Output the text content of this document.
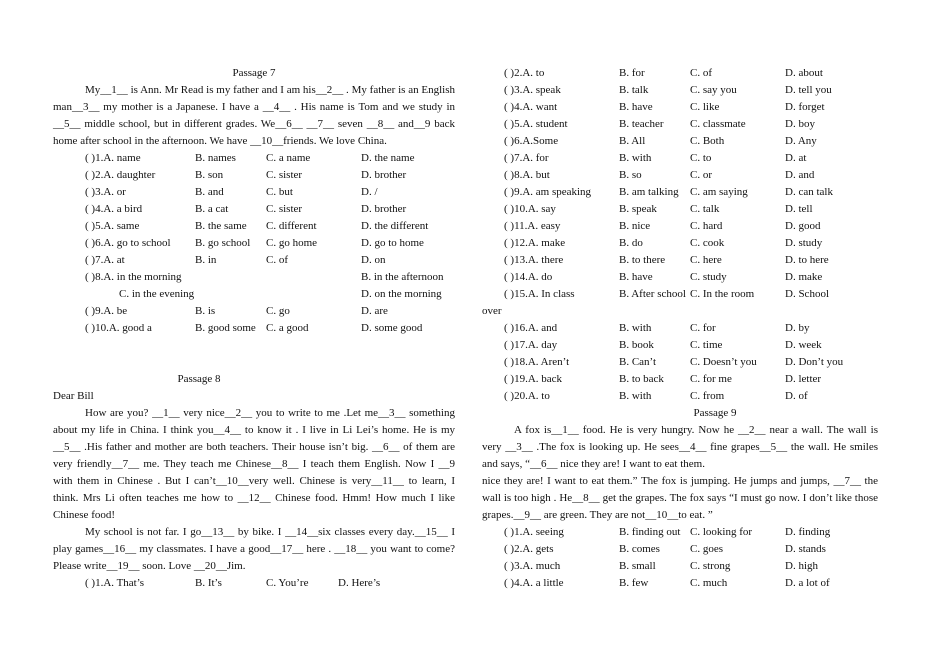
Passage 7
My__1__ is Ann. Mr Read is my father and I am his__2__ . My father is an English man__3__ my mother is a Japanese. I have a __4__ . His name is Tom and we study in __5__ middle school, but in different grades. We__6__ __7__ seven __8__ and__9 back home after school in the afternoon. We have __10__friends. We love China.
( )1.A. name	B. names	C. a name	D. the name
( )2.A. daughter	B. son	C. sister	D. brother
( )3.A. or	B. and	C. but	D. /
( )4.A. a bird	B. a cat	C. sister	D. brother
( )5.A. same	B. the same	C. different	D. the different
( )6.A. go to school	B. go school	C. go home	D. go to home
( )7.A. at	B. in	C. of	D. on
( )8.A. in the morning	B. in the afternoon
C. in the evening	D. on the morning
( )9.A. be	B. is	C. go	D. are
( )10.A. good a	B. good some C. a good	D. some good
Passage 8
Dear Bill
How are you? __1__ very nice__2__ you to write to me .Let me__3__ something about my life in China. I think you__4__ to know it . I live in Li Lei’s home. He is my __5__ .His father and mother are both teachers. Their house isn’t big. __6__ of them are very friendly__7__ me. They teach me Chinese__8__ I teach them English. Now I __9 with them in Chinese . But I can’t__10__very well. Chinese is very__11__ to learn, I think. Mrs Li often teaches me how to __12__ Chinese food. Hmm! How much I like Chinese food!
My school is not far. I go__13__ by bike. I __14__six classes every day.__15__ I play games__16__ my classmates. I have a good__17__ here . __18__ you want to come? Please write__19__ soon. Love __20__Jim.
( )1.A. That’s	B. It’s	C. You’re	D. Here’s
( )2.A. to	B. for	C. of	D. about
( )3.A. speak	B. talk	C. say you	D. tell you
( )4.A. want	B. have	C. like	D. forget
( )5.A. student	B. teacher	C. classmate	D. boy
( )6.A.Some	B. All	C. Both	D. Any
( )7.A. for	B. with	C. to	D. at
( )8.A. but	B. so	C. or	D. and
( )9.A. am speaking	B. am talking	C. am saying	D. can talk
( )10.A. say	B. speak	C. talk	D. tell
( )11.A. easy	B. nice	C. hard	D. good
( )12.A. make	B. do	C. cook	D. study
( )13.A. there	B. to there	C. here	D. to here
( )14.A. do	B. have	C. study	D. make
( )15.A. In class	B. After school C. In the room	D. School
over
( )16.A. and	B. with	C. for	D. by
( )17.A. day	B. book	C. time	D. week
( )18.A. Aren’t	B. Can’t	C. Doesn’t you	D. Don’t you
( )19.A. back	B. to back	C. for me	D. letter
( )20.A. to	B. with	C. from	D. of
Passage 9
A fox is__1__ food. He is very hungry. Now he __2__ near a wall. The wall is very __3__ .The fox is looking up. He sees__4__ fine grapes__5__ the wall. He smiles and says, “__6__ nice they are! I want to eat them.
nice they are! I want to eat them.” The fox is jumping. He jumps and jumps, __7__ the wall is too high . He__8__ get the grapes. The fox says “I must go now. I don’t like those grapes.__9__ are green. They are not__10__to eat. ”
( )1.A. seeing	B. finding out C. looking for	D. finding
( )2.A. gets	B. comes	C. goes	D. stands
( )3.A. much	B. small	C. strong	D. high
( )4.A. a little	B. few	C. much	D. a lot of
